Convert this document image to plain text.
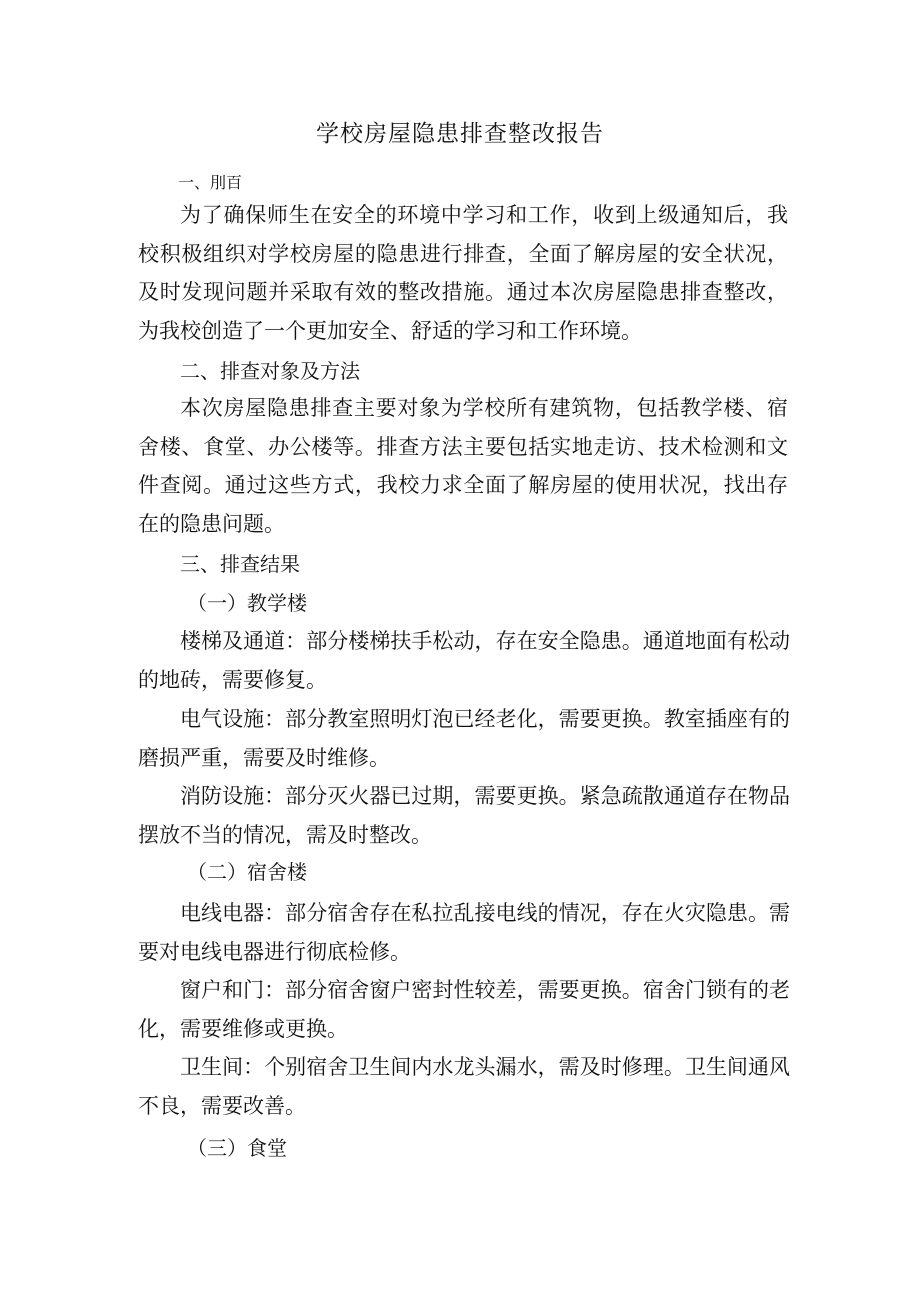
学校房屋隐患排查整改报告
一、刖百

为了确保师生在安全的环境中学习和工作，收到上级通知后，我校积极组织对学校房屋的隐患进行排查，全面了解房屋的安全状况，及时发现问题并采取有效的整改措施。通过本次房屋隐患排查整改，为我校创造了一个更加安全、舒适的学习和工作环境。

二、排查对象及方法

本次房屋隐患排查主要对象为学校所有建筑物，包括教学楼、宿舍楼、食堂、办公楼等。排查方法主要包括实地走访、技术检测和文件查阅。通过这些方式，我校力求全面了解房屋的使用状况，找出存在的隐患问题。

三、排查结果

（一）教学楼

楼梯及通道：部分楼梯扶手松动，存在安全隐患。通道地面有松动的地砖，需要修复。

电气设施：部分教室照明灯泡已经老化，需要更换。教室插座有的磨损严重，需要及时维修。

消防设施：部分灭火器已过期，需要更换。紧急疏散通道存在物品摆放不当的情况，需及时整改。

（二）宿舍楼

电线电器：部分宿舍存在私拉乱接电线的情况，存在火灾隐患。需要对电线电器进行彻底检修。

窗户和门：部分宿舍窗户密封性较差，需要更换。宿舍门锁有的老化，需要维修或更换。

卫生间：个别宿舍卫生间内水龙头漏水，需及时修理。卫生间通风不良，需要改善。

（三）食堂
